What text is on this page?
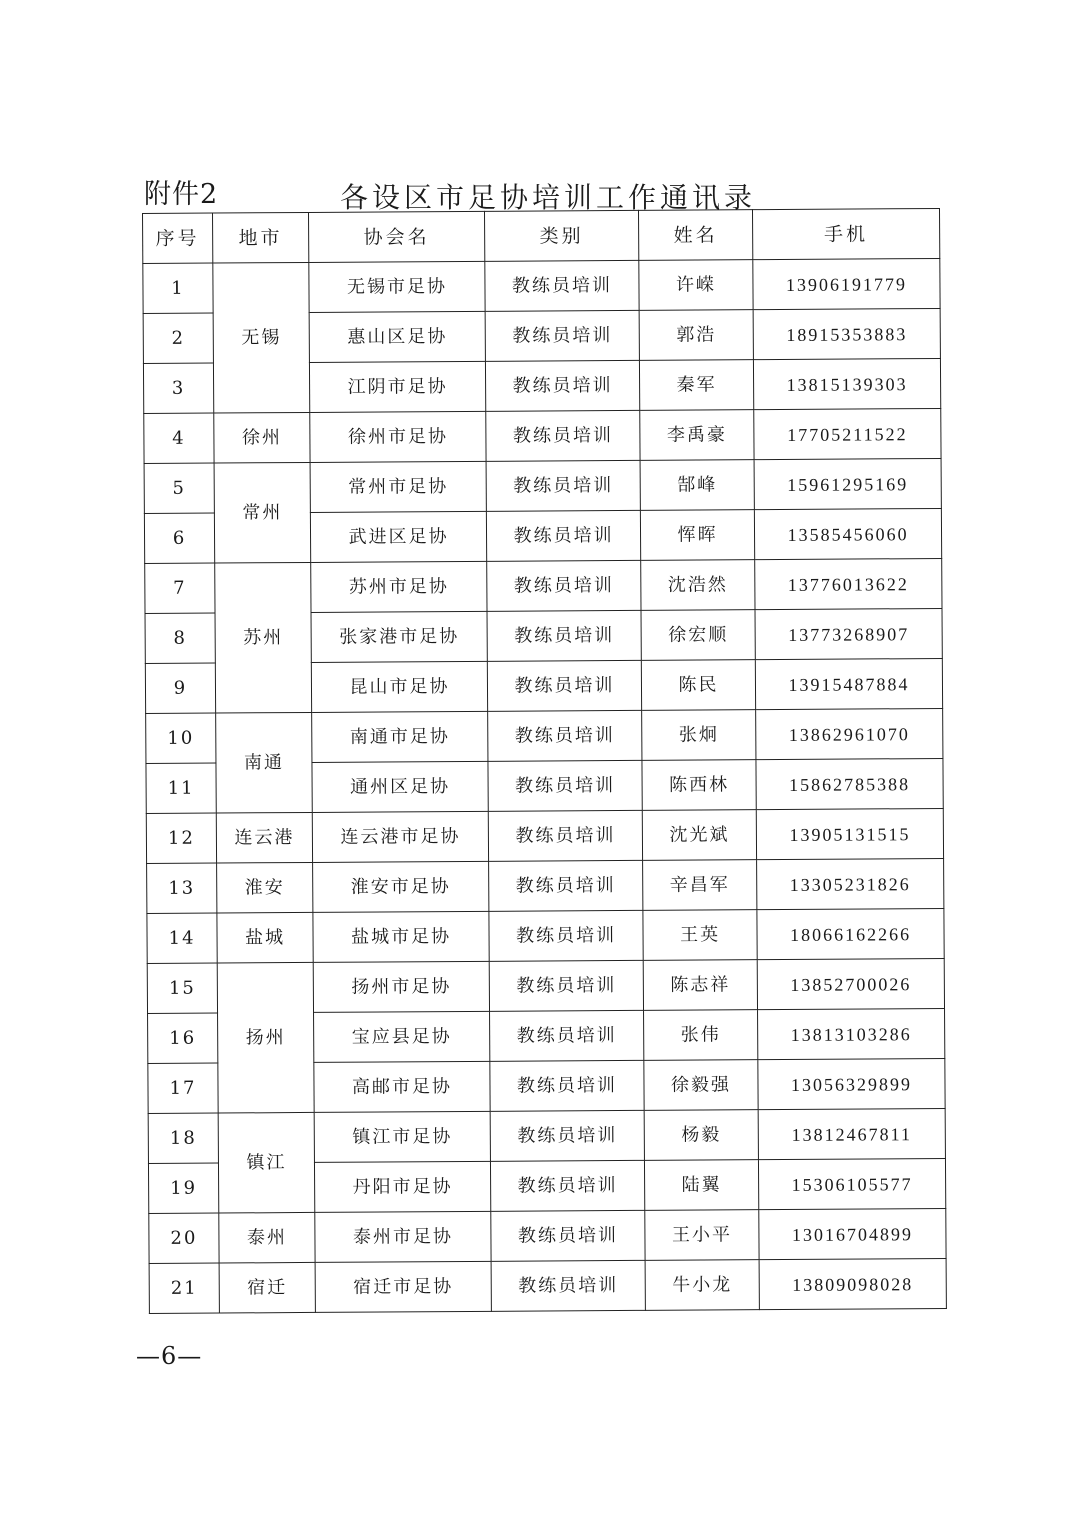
附件2	各设区市足协培训工作通讯录
序号	地市	协会名	类别	姓名	手机
1	无锡	无锡市足协	教练员培训	许嵘	13906191779
2		惠山区足协	教练员培训	郭浩	18915353883
3		江阴市足协	教练员培训	秦军	13815139303
4	徐州	徐州市足协	教练员培训	李禹豪	17705211522
5	常州	常州市足协	教练员培训	郜峰	15961295169
6		武进区足协	教练员培训	恽晖	13585456060
7	苏州	苏州市足协	教练员培训	沈浩然	13776013622
8		张家港市足协	教练员培训	徐宏顺	13773268907
9		昆山市足协	教练员培训	陈民	13915487884
10	南通	南通市足协	教练员培训	张炯	13862961070
11		通州区足协	教练员培训	陈西林	15862785388
12	连云港	连云港市足协	教练员培训	沈光斌	13905131515
13	淮安	淮安市足协	教练员培训	辛昌军	13305231826
14	盐城	盐城市足协	教练员培训	王英	18066162266
15	扬州	扬州市足协	教练员培训	陈志祥	13852700026
16		宝应县足协	教练员培训	张伟	13813103286
17		高邮市足协	教练员培训	徐毅强	13056329899
18	镇江	镇江市足协	教练员培训	杨毅	13812467811
19		丹阳市足协	教练员培训	陆翼	15306105577
20	泰州	泰州市足协	教练员培训	王小平	13016704899
21	宿迁	宿迁市足协	教练员培训	牛小龙	13809098028
—6—
